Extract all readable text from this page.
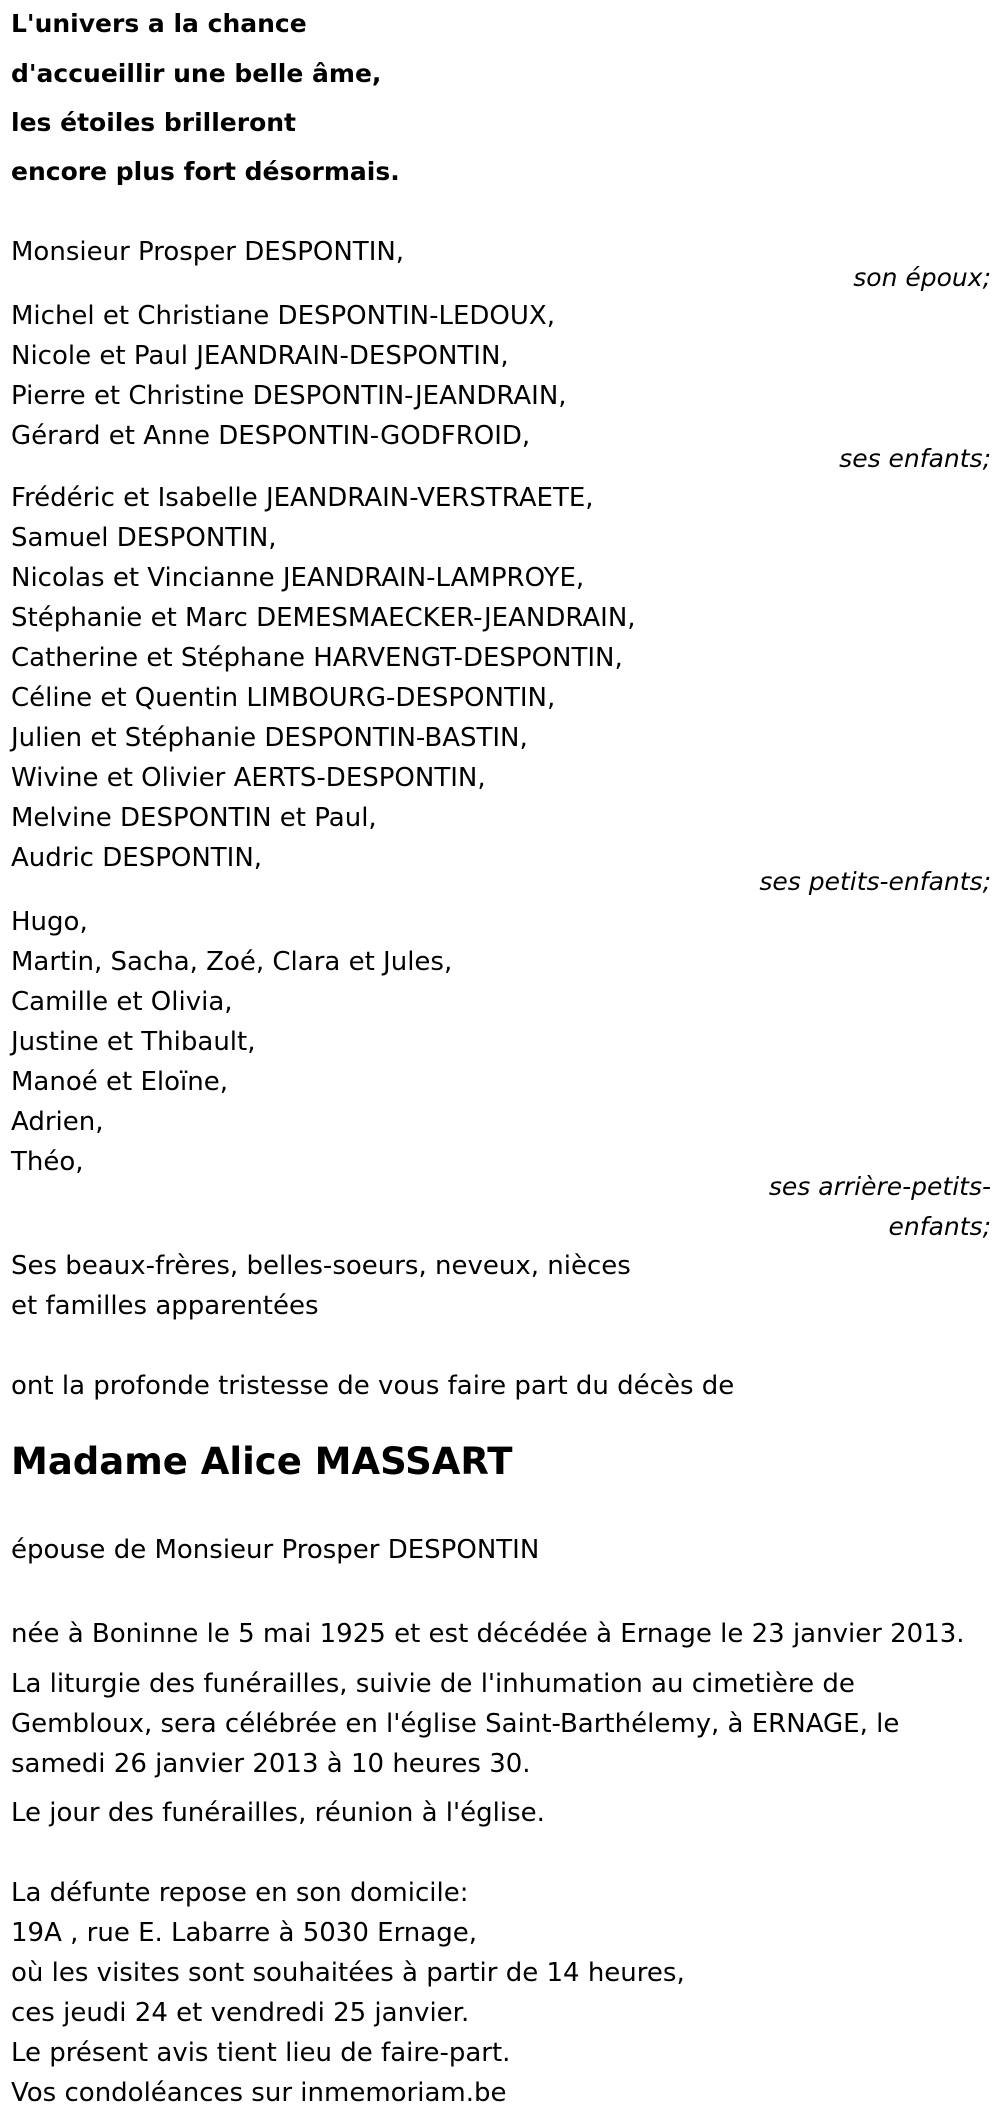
L'univers a la chance
d'accueillir une belle âme,
les étoiles brilleront
encore plus fort désormais.
Monsieur Prosper DESPONTIN,
son époux;
Michel et Christiane DESPONTIN-LEDOUX,
Nicole et Paul JEANDRAIN-DESPONTIN,
Pierre et Christine DESPONTIN-JEANDRAIN,
Gérard et Anne DESPONTIN-GODFROID,
ses enfants;
Frédéric et Isabelle JEANDRAIN-VERSTRAETE,
Samuel DESPONTIN,
Nicolas et Vincianne JEANDRAIN-LAMPROYE,
Stéphanie et Marc DEMESMAECKER-JEANDRAIN,
Catherine et Stéphane HARVENGT-DESPONTIN,
Céline et Quentin LIMBOURG-DESPONTIN,
Julien et Stéphanie DESPONTIN-BASTIN,
Wivine et Olivier AERTS-DESPONTIN,
Melvine DESPONTIN et Paul,
Audric DESPONTIN,
ses petits-enfants;
Hugo,
Martin, Sacha, Zoé, Clara et Jules,
Camille et Olivia,
Justine et Thibault,
Manoé et Eloïne,
Adrien,
Théo,
ses arrière-petits-
enfants;
Ses beaux-frères, belles-soeurs, neveux, nièces
et familles apparentées
ont la profonde tristesse de vous faire part du décès de
Madame Alice MASSART
épouse de Monsieur Prosper DESPONTIN
née à Boninne le 5 mai 1925 et est décédée à Ernage le 23 janvier 2013.
La liturgie des funérailles, suivie de l'inhumation au cimetière de
Gembloux, sera célébrée en l'église Saint-Barthélemy, à ERNAGE, le
samedi 26 janvier 2013 à 10 heures 30.
Le jour des funérailles, réunion à l'église.
La défunte repose en son domicile:
19A , rue E. Labarre à 5030 Ernage,
où les visites sont souhaitées à partir de 14 heures,
ces jeudi 24 et vendredi 25 janvier.
Le présent avis tient lieu de faire-part.
Vos condoléances sur inmemoriam.be
